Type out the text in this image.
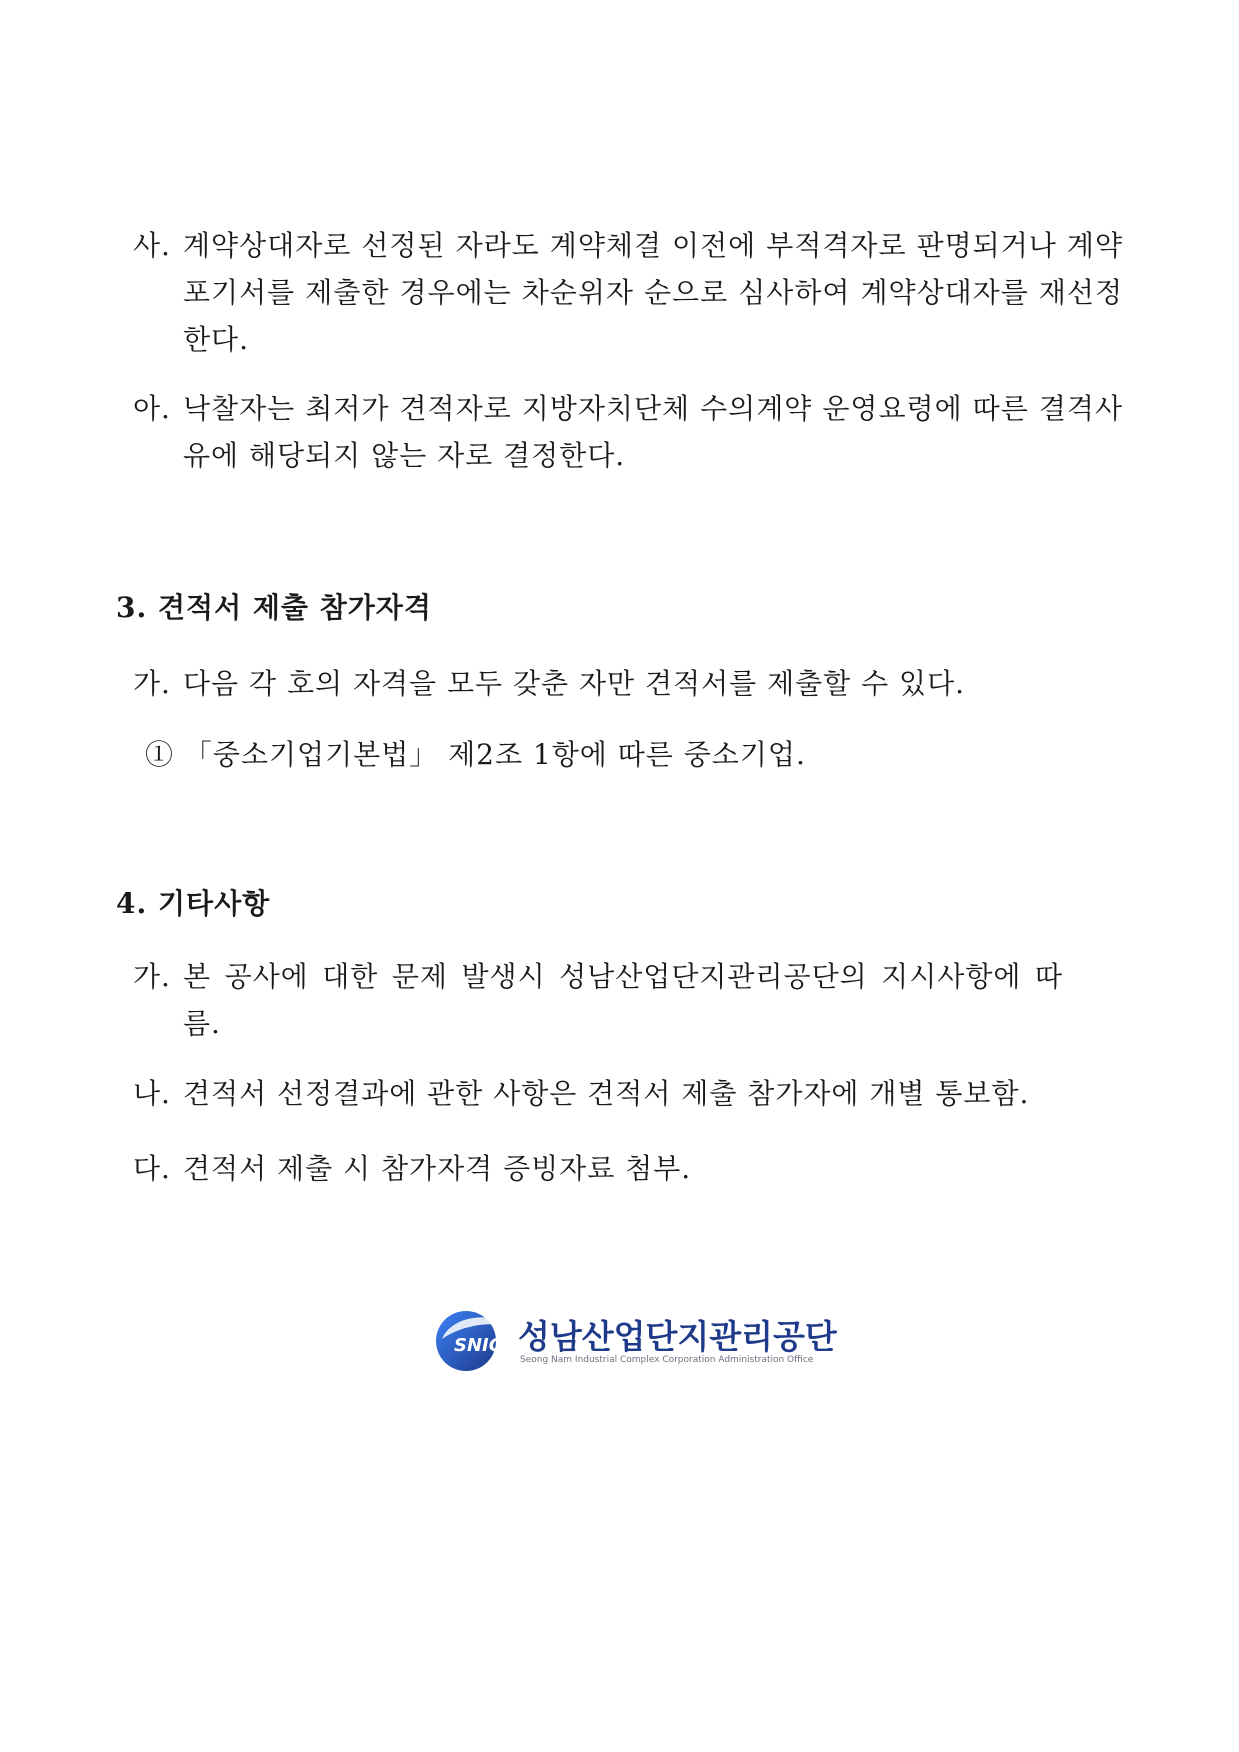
사. 계약상대자로 선정된 자라도 계약체결 이전에 부적격자로 판명되거나 계약포기서를 제출한 경우에는 차순위자 순으로 심사하여 계약상대자를 재선정 한다.
아. 낙찰자는 최저가 견적자로 지방자치단체 수의계약 운영요령에 따른 결격사유에 해당되지 않는 자로 결정한다.
3. 견적서 제출 참가자격
가. 다음 각 호의 자격을 모두 갖춘 자만 견적서를 제출할 수 있다.
① 「중소기업기본법」 제2조 1항에 따른 중소기업.
4. 기타사항
가. 본 공사에 대한 문제 발생시 성남산업단지관리공단의 지시사항에 따름.
나. 견적서 선정결과에 관한 사항은 견적서 제출 참가자에 개별 통보함.
다. 견적서 제출 시 참가자격 증빙자료 첨부.
SNIC 성남산업단지관리공단
Seong Nam Industrial Complex Corporation Administration Office
